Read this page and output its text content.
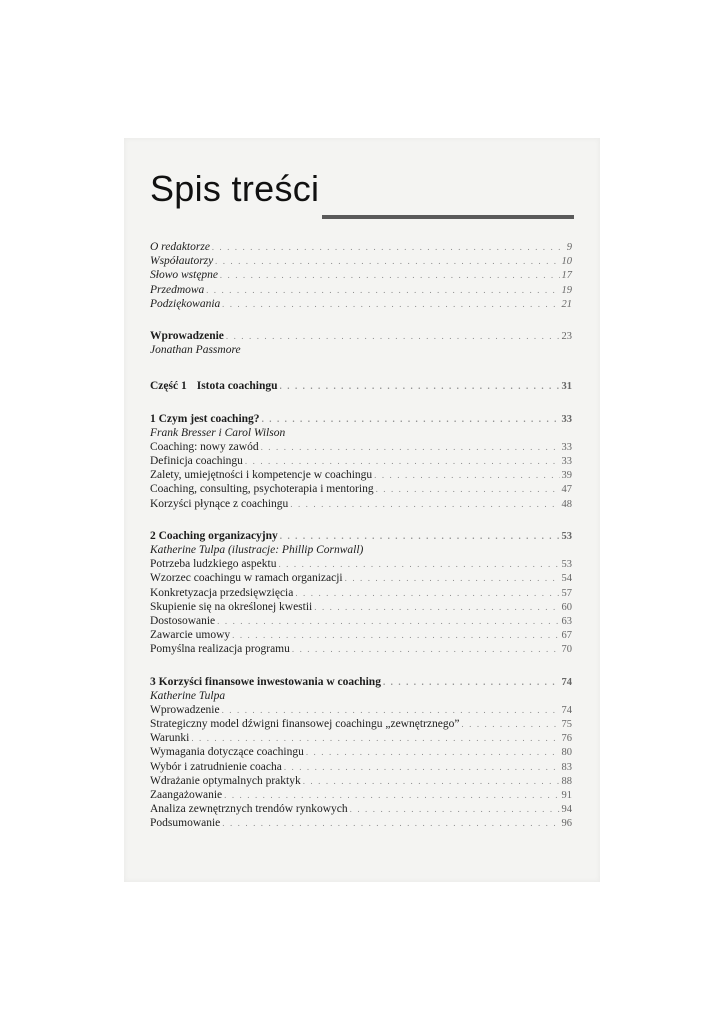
Spis treści
O redaktorze . . .	9
Współautorzy . . .	10
Słowo wstępne . . .	17
Przedmowa . . .	19
Podziękowania . . .	21
Wprowadzenie . . .	23
Jonathan Passmore
Część 1 Istota coachingu . . .	31
1 Czym jest coaching? . . .	33
Frank Bresser i Carol Wilson
Coaching: nowy zawód . . .	33
Definicja coachingu . . .	33
Zalety, umiejętności i kompetencje w coachingu . . .	39
Coaching, consulting, psychoterapia i mentoring . . .	47
Korzyści płynące z coachingu . . .	48
2 Coaching organizacyjny . . .	53
Katherine Tulpa (ilustracje: Phillip Cornwall)
Potrzeba ludzkiego aspektu . . .	53
Wzorzec coachingu w ramach organizacji . . .	54
Konkretyzacja przedsięwzięcia . . .	57
Skupienie się na określonej kwestii . . .	60
Dostosowanie . . .	63
Zawarcie umowy . . .	67
Pomyślna realizacja programu . . .	70
3 Korzyści finansowe inwestowania w coaching . . .	74
Katherine Tulpa
Wprowadzenie . . .	74
Strategiczny model dźwigni finansowej coachingu „zewnętrznego” . . .	75
Warunki . . .	76
Wymagania dotyczące coachingu . . .	80
Wybór i zatrudnienie coacha . . .	83
Wdrażanie optymalnych praktyk . . .	88
Zaangażowanie . . .	91
Analiza zewnętrznych trendów rynkowych . . .	94
Podsumowanie . . .	96
